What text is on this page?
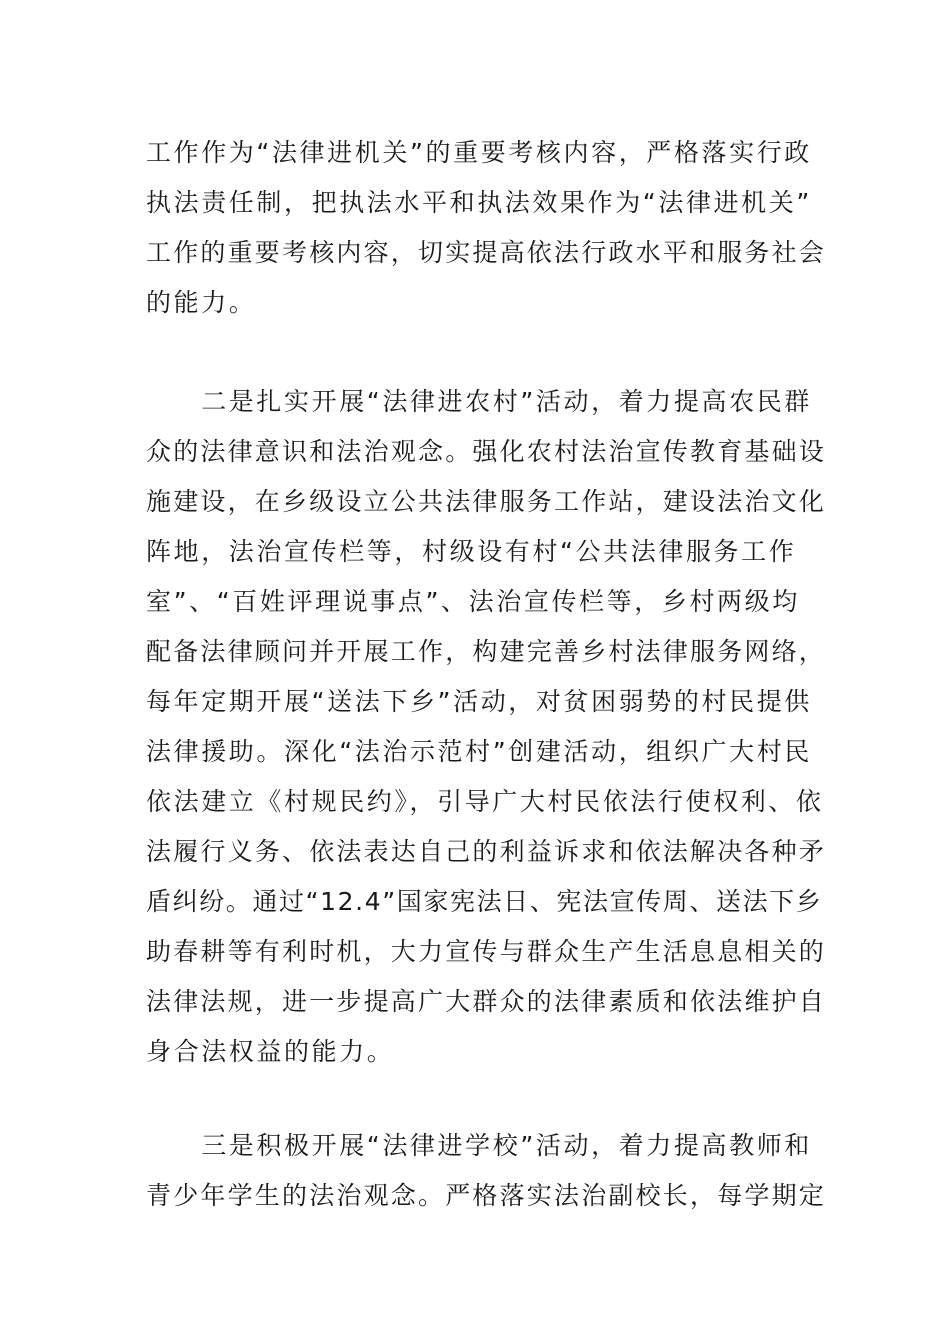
工作作为“法律进机关”的重要考核内容，严格落实行政
执法责任制，把执法水平和执法效果作为“法律进机关”
工作的重要考核内容，切实提高依法行政水平和服务社会
的能力。
　　二是扎实开展“法律进农村”活动，着力提高农民群
众的法律意识和法治观念。强化农村法治宣传教育基础设
施建设，在乡级设立公共法律服务工作站，建设法治文化
阵地，法治宣传栏等，村级设有村“公共法律服务工作
室”、“百姓评理说事点”、法治宣传栏等，乡村两级均
配备法律顾问并开展工作，构建完善乡村法律服务网络，
每年定期开展“送法下乡”活动，对贫困弱势的村民提供
法律援助。深化“法治示范村”创建活动，组织广大村民
依法建立《村规民约》，引导广大村民依法行使权利、依
法履行义务、依法表达自己的利益诉求和依法解决各种矛
盾纠纷。通过“12.4”国家宪法日、宪法宣传周、送法下乡
助春耕等有利时机，大力宣传与群众生产生活息息相关的
法律法规，进一步提高广大群众的法律素质和依法维护自
身合法权益的能力。
　　三是积极开展“法律进学校”活动，着力提高教师和
青少年学生的法治观念。严格落实法治副校长，每学期定
